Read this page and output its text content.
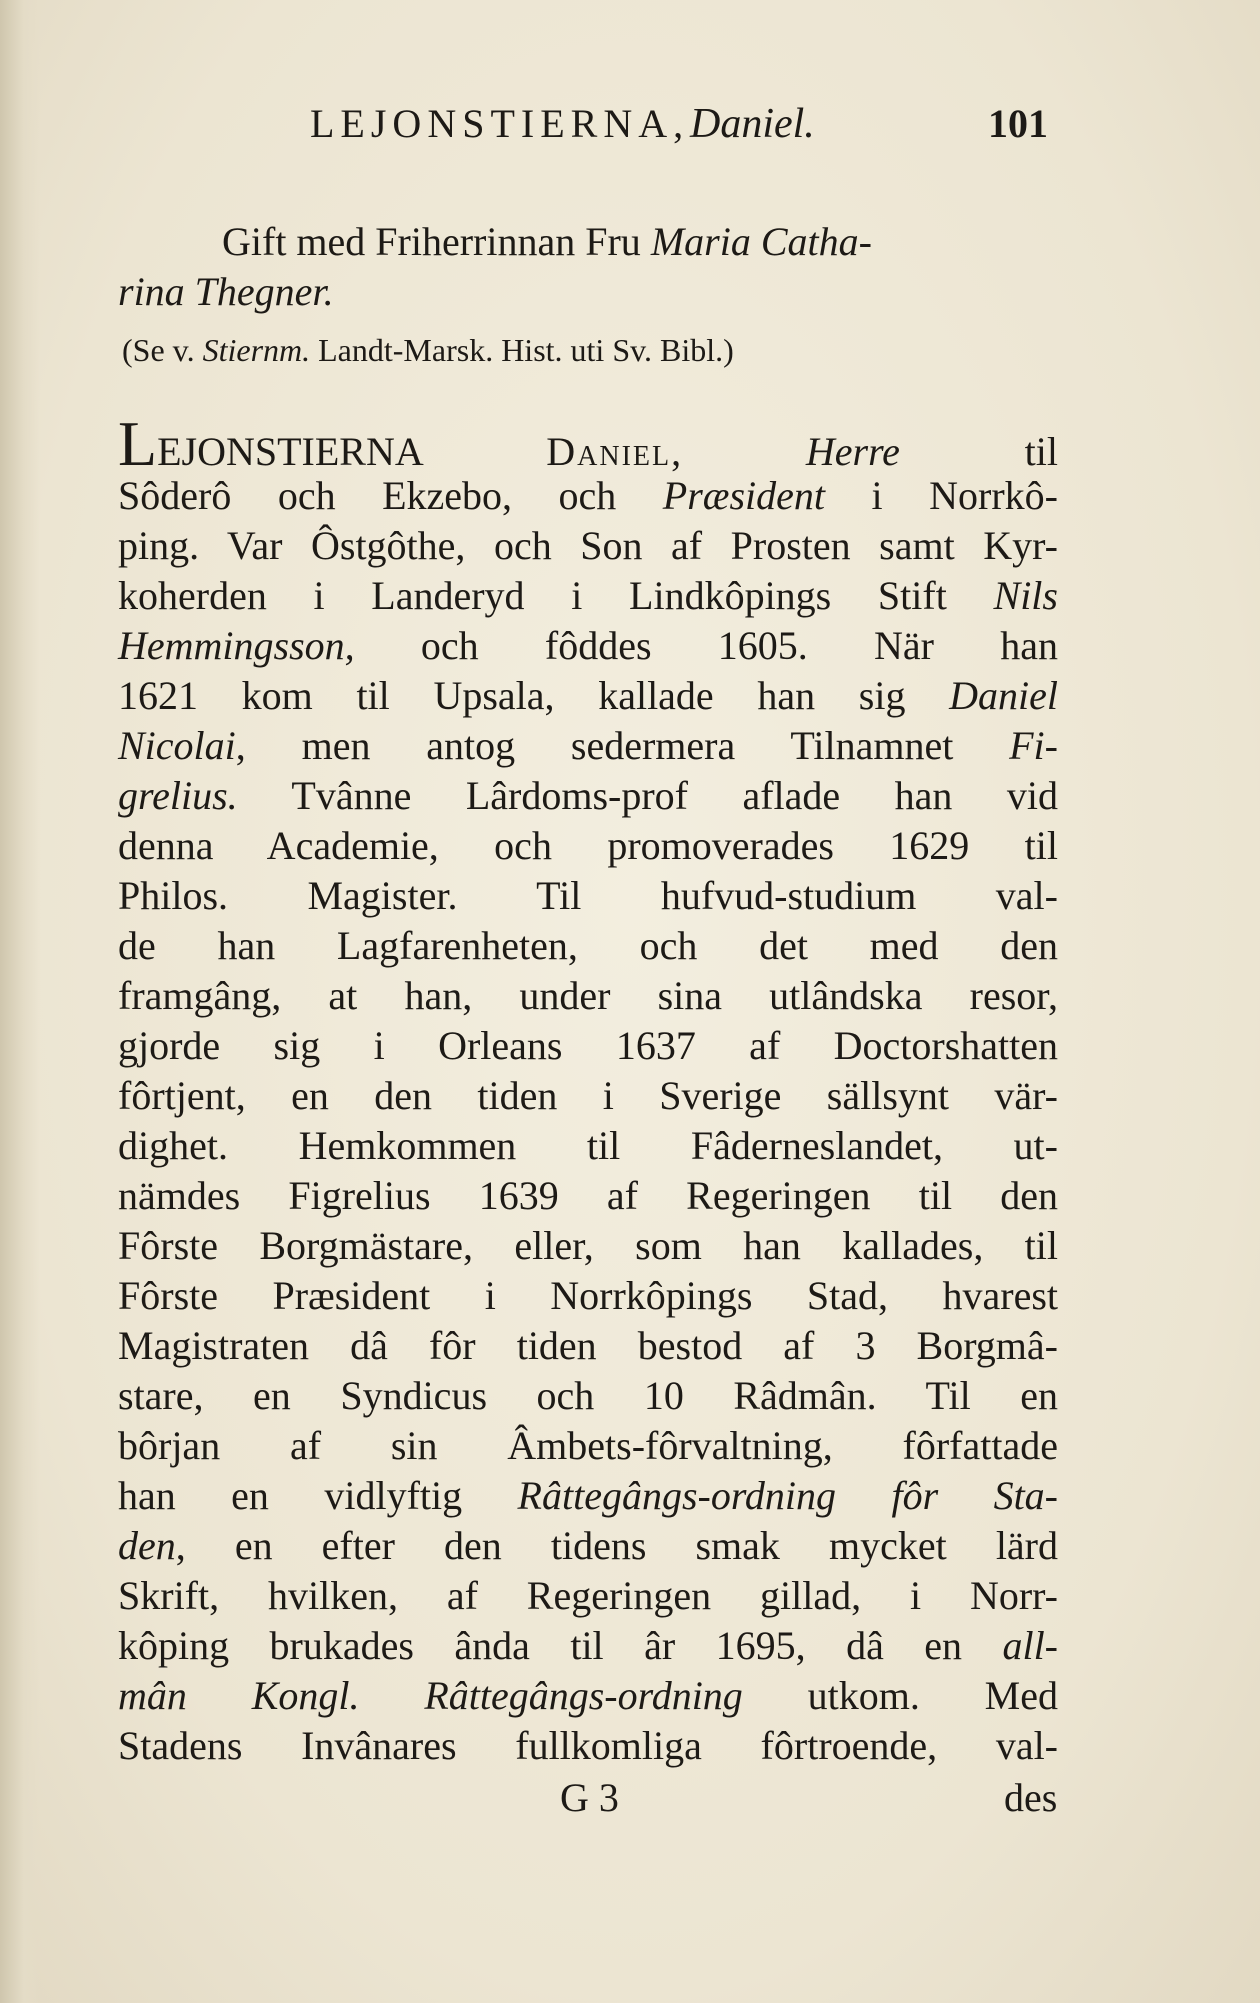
LEJONSTIERNA, Daniel.	101
Gift med Friherrinnan Fru Maria Catha-
rina Thegner.
(Se v. Stiernm. Landt-Marsk. Hist. uti Sv. Bibl.)
LEJONSTIERNA Daniel, Herre til
Sôderô och Ekzebo, och Præsident i Norrkô-
ping. Var Ôstgôthe, och Son af Prosten samt Kyr-
koherden i Landeryd i Lindkôpings Stift Nils
Hemmingsson, och fôddes 1605. När han
1621 kom til Upsala, kallade han sig Daniel
Nicolai, men antog sedermera Tilnamnet Fi-
grelius. Tvânne Lârdoms-prof aflade han vid
denna Academie, och promoverades 1629 til
Philos. Magister. Til hufvud-studium val-
de han Lagfarenheten, och det med den
framgâng, at han, under sina utlândska resor,
gjorde sig i Orleans 1637 af Doctorshatten
fôrtjent, en den tiden i Sverige sällsynt vär-
dighet. Hemkommen til Fâderneslandet, ut-
nämdes Figrelius 1639 af Regeringen til den
Fôrste Borgmästare, eller, som han kallades, til
Fôrste Præsident i Norrkôpings Stad, hvarest
Magistraten dâ fôr tiden bestod af 3 Borgmâ-
stare, en Syndicus och 10 Râdmân. Til en
bôrjan af sin Âmbets-fôrvaltning, fôrfattade
han en vidlyftig Râttegângs-ordning fôr Sta-
den, en efter den tidens smak mycket lärd
Skrift, hvilken, af Regeringen gillad, i Norr-
kôping brukades ânda til âr 1695, dâ en all-
mân Kongl. Râttegângs-ordning utkom. Med
Stadens Invânares fullkomliga fôrtroende, val-
G 3	des
